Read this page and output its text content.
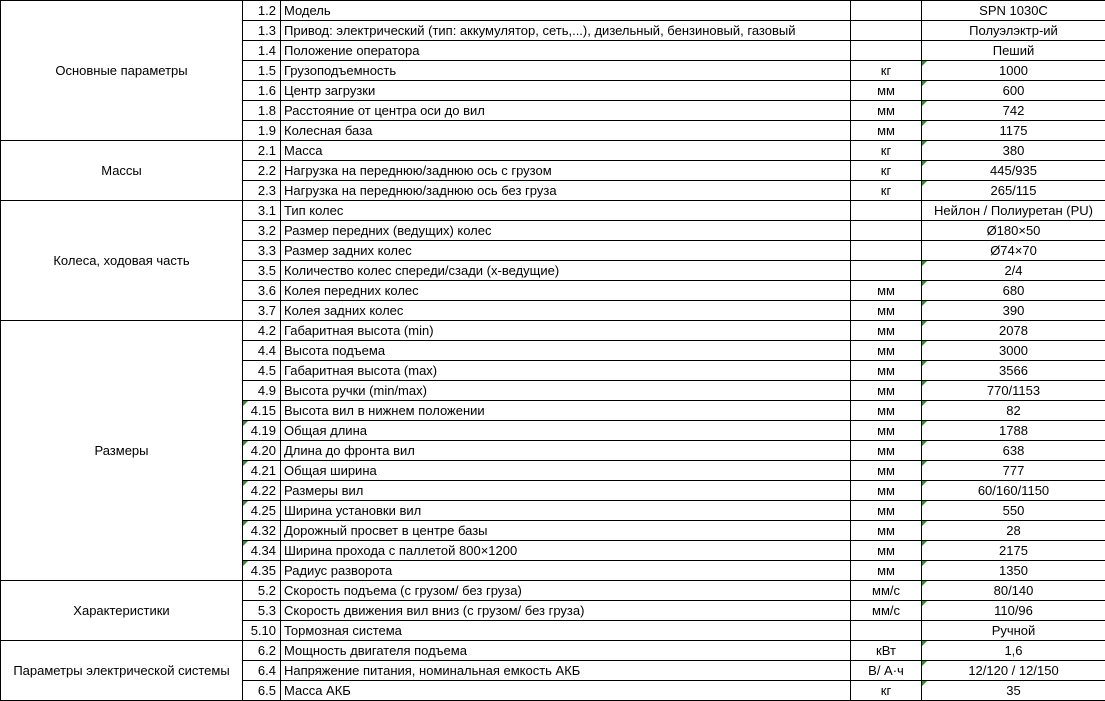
Основные параметры	1.2	Модель		SPN 1030C
	1.3	Привод: электрический (тип: аккумулятор, сеть,...), дизельный, бензиновый, газовый		Полуэлэктр-ий
	1.4	Положение оператора		Пеший
	1.5	Грузоподъемность	кг	1000
	1.6	Центр загрузки	мм	600
	1.8	Расстояние от центра оси до вил	мм	742
	1.9	Колесная база	мм	1175
Массы	2.1	Масса	кг	380
	2.2	Нагрузка на переднюю/заднюю ось с грузом	кг	445/935
	2.3	Нагрузка на переднюю/заднюю ось без груза	кг	265/115
Колеса, ходовая часть	3.1	Тип колес		Нейлон / Полиуретан (PU)
	3.2	Размер передних (ведущих) колес		Ø180×50
	3.3	Размер задних колес		Ø74×70
	3.5	Количество колес спереди/сзади (x-ведущие)		2/4
	3.6	Колея передних колес	мм	680
	3.7	Колея задних колес	мм	390
Размеры	4.2	Габаритная высота (min)	мм	2078
	4.4	Высота подъема	мм	3000
	4.5	Габаритная высота (max)	мм	3566
	4.9	Высота ручки (min/max)	мм	770/1153

4.15	Высота вил в нижнем положении	мм	82

4.19	Общая длина	мм	1788

4.20	Длина до фронта вил	мм	638

4.21	Общая ширина	мм	777

4.22	Размеры вил	мм	60/160/1150

4.25	Ширина установки вил	мм	550

4.32	Дорожный просвет в центре базы	мм	28

4.34	Ширина прохода с паллетой 800×1200	мм	2175

4.35	Радиус разворота	мм	1350
Характеристики	5.2	Скорость подъема (с грузом/ без груза)	мм/с	80/140
	5.3	Скорость движения вил вниз (с грузом/ без груза)	мм/с	110/96
	5.10	Тормозная система		Ручной
Параметры электрической системы	6.2	Мощность двигателя подъема	кВт	1,6
	6.4	Напряжение питания, номинальная емкость АКБ	В/ А·ч	12/120 / 12/150
	6.5	Масса АКБ	кг	35
